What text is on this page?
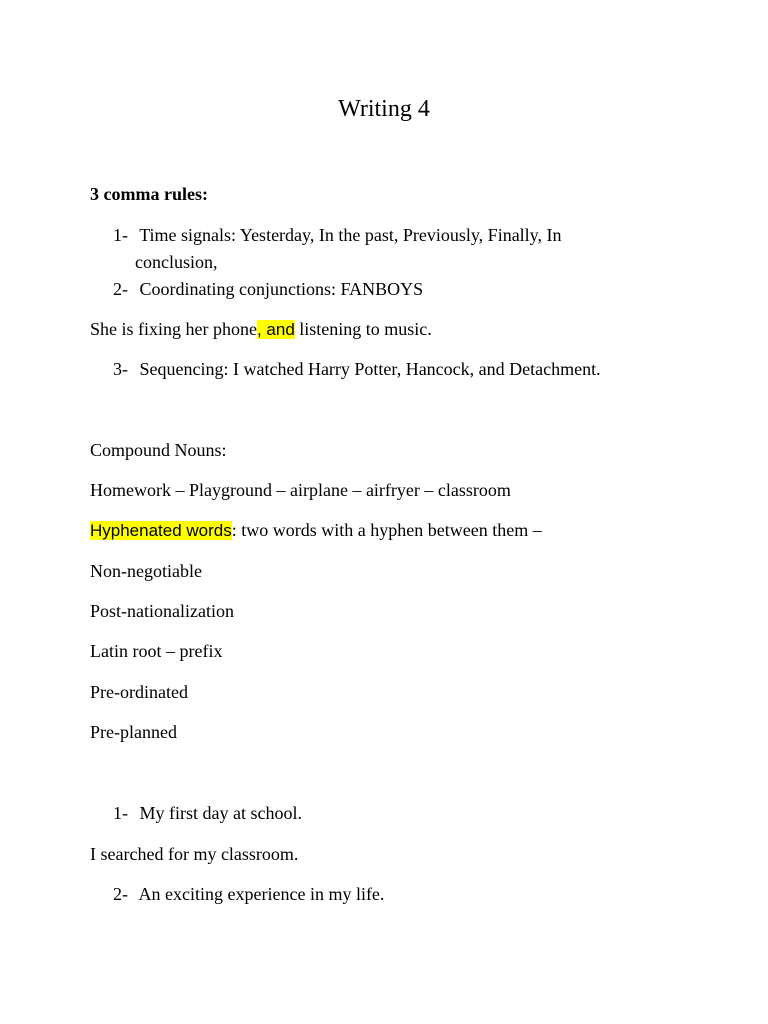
Writing 4
3 comma rules:
1- Time signals: Yesterday, In the past, Previously, Finally, In
conclusion,
2- Coordinating conjunctions: FANBOYS
She is fixing her phone, and listening to music.
3- Sequencing: I watched Harry Potter, Hancock, and Detachment.
Compound Nouns:
Homework – Playground – airplane – airfryer – classroom
Hyphenated words: two words with a hyphen between them –
Non-negotiable
Post-nationalization
Latin root – prefix
Pre-ordinated
Pre-planned
1- My first day at school.
I searched for my classroom.
2- An exciting experience in my life.
